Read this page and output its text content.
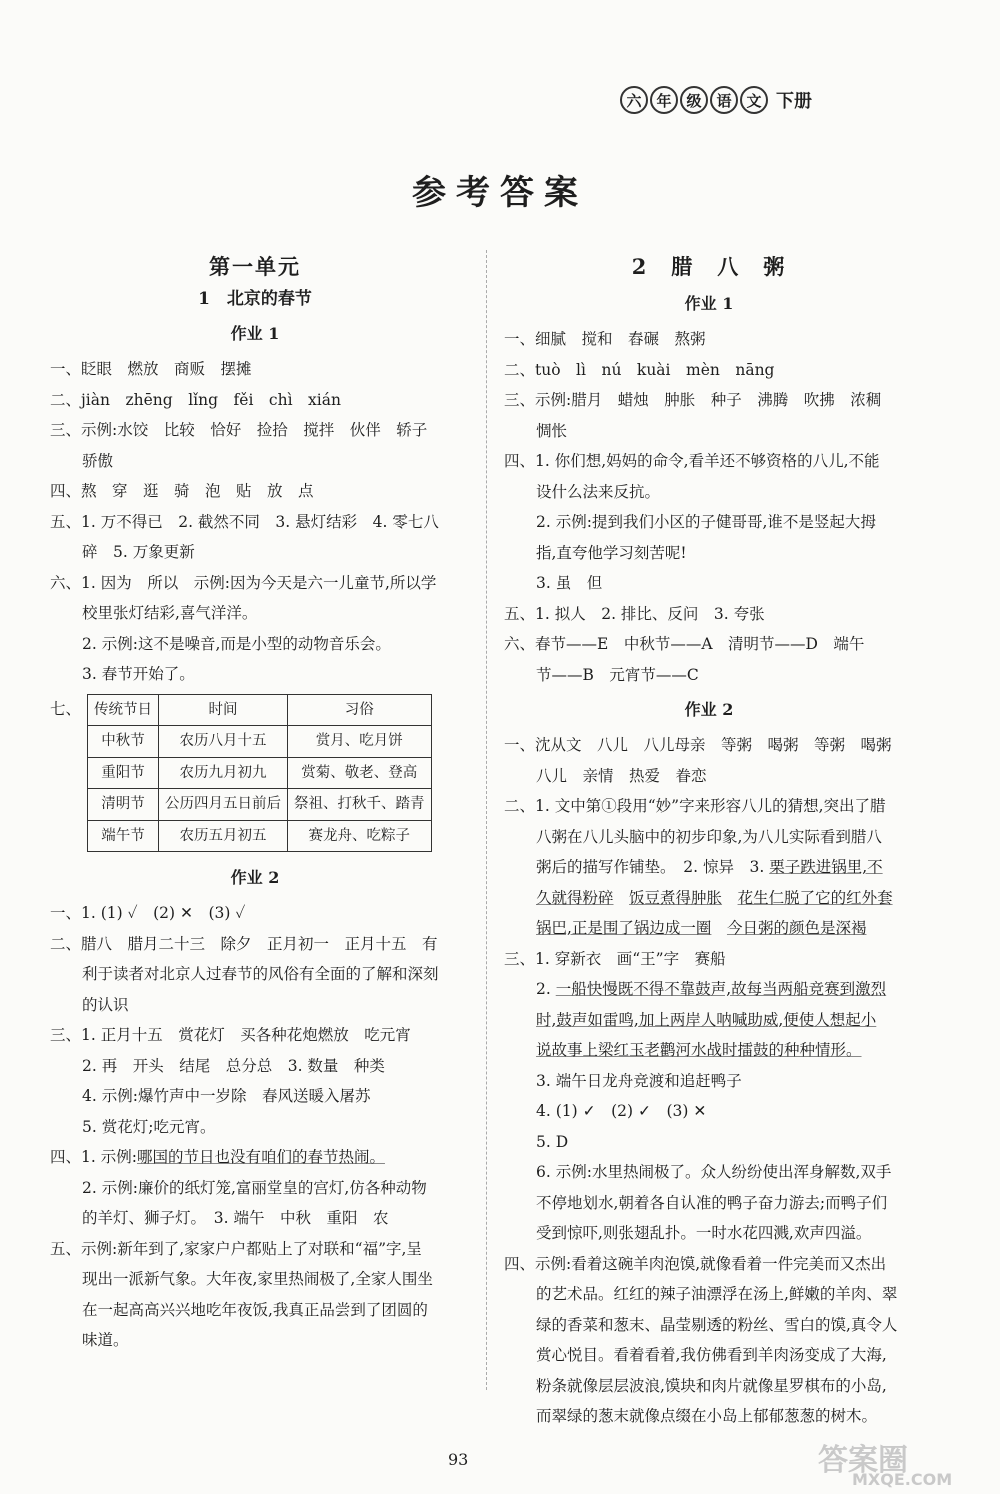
六 年 级 语 文 下册
参考答案
第一单元
1　北京的春节
作业 1
一、眨眼　燃放　商贩　摆摊
二、jiàn　zhēng　lǐng　fěi　chì　xián
三、示例:水饺　比较　恰好　捡拾　搅拌　伙伴　轿子
骄傲
四、熬　穿　逛　骑　泡　贴　放　点
五、1. 万不得已　2. 截然不同　3. 悬灯结彩　4. 零七八
碎　5. 万象更新
六、1. 因为　所以　示例:因为今天是六一儿童节,所以学
校里张灯结彩,喜气洋洋。
2. 示例:这不是噪音,而是小型的动物音乐会。
3. 春节开始了。
七、 传统节日	时间	习俗
中秋节	农历八月十五	赏月、吃月饼
重阳节	农历九月初九	赏菊、敬老、登高
清明节	公历四月五日前后	祭祖、打秋千、踏青
端午节	农历五月初五	赛龙舟、吃粽子
作业 2
一、1. (1) ✓　(2) ✕　(3) ✓
二、腊八　腊月二十三　除夕　正月初一　正月十五　有
利于读者对北京人过春节的风俗有全面的了解和深刻
的认识
三、1. 正月十五　赏花灯　买各种花炮燃放　吃元宵
2. 再　开头　结尾　总分总　3. 数量　种类
4. 示例:爆竹声中一岁除　春风送暖入屠苏
5. 赏花灯;吃元宵。
四、1. 示例:哪国的节日也没有咱们的春节热闹。
2. 示例:廉价的纸灯笼,富丽堂皇的宫灯,仿各种动物
的羊灯、狮子灯。　3. 端午　中秋　重阳　农
五、示例:新年到了,家家户户都贴上了对联和“福”字,呈
现出一派新气象。大年夜,家里热闹极了,全家人围坐
在一起高高兴兴地吃年夜饭,我真正品尝到了团圆的
味道。
2　腊　八　粥
作业 1
一、细腻　搅和　舂碾　熬粥
二、tuò　lì　nú　kuài　mèn　nāng
三、示例:腊月　蜡烛　肿胀　种子　沸腾　吹拂　浓稠
惆怅
四、1. 你们想,妈妈的命令,看羊还不够资格的八儿,不能
设什么法来反抗。
2. 示例:提到我们小区的子健哥哥,谁不是竖起大拇
指,直夸他学习刻苦呢!
3. 虽　但
五、1. 拟人　2. 排比、反问　3. 夸张
六、春节——E　中秋节——A　清明节——D　端午
节——B　元宵节——C
作业 2
一、沈从文　八儿　八儿母亲　等粥　喝粥　等粥　喝粥
八儿　亲情　热爱　眷恋
二、1. 文中第①段用“妙”字来形容八儿的猜想,突出了腊
八粥在八儿头脑中的初步印象,为八儿实际看到腊八
粥后的描写作铺垫。　2. 惊异　3. 栗子跌进锅里,不
久就得粉碎　 饭豆煮得肿胀　 花生仁脱了它的红外套
锅巴,正是围了锅边成一圈　 今日粥的颜色是深褐
三、1. 穿新衣　画“王”字　赛船
2. 一船快慢既不得不靠鼓声,故每当两船竞赛到激烈
时,鼓声如雷鸣,加上两岸人呐喊助威,便使人想起小
说故事上梁红玉老鹳河水战时擂鼓的种种情形。
3. 端午日龙舟竞渡和追赶鸭子
4. (1) ✓　(2) ✓　(3) ✕
5. D
6. 示例:水里热闹极了。众人纷纷使出浑身解数,双手
不停地划水,朝着各自认准的鸭子奋力游去;而鸭子们
受到惊吓,则张翅乱扑。一时水花四溅,欢声四溢。
四、示例:看着这碗羊肉泡馍,就像看着一件完美而又杰出
的艺术品。红红的辣子油漂浮在汤上,鲜嫩的羊肉、翠
绿的香菜和葱末、晶莹剔透的粉丝、雪白的馍,真令人
赏心悦目。看着看着,我仿佛看到羊肉汤变成了大海,
粉条就像层层波浪,馍块和肉片就像星罗棋布的小岛,
而翠绿的葱末就像点缀在小岛上郁郁葱葱的树木。
93	答案圈
MXQE.COM
